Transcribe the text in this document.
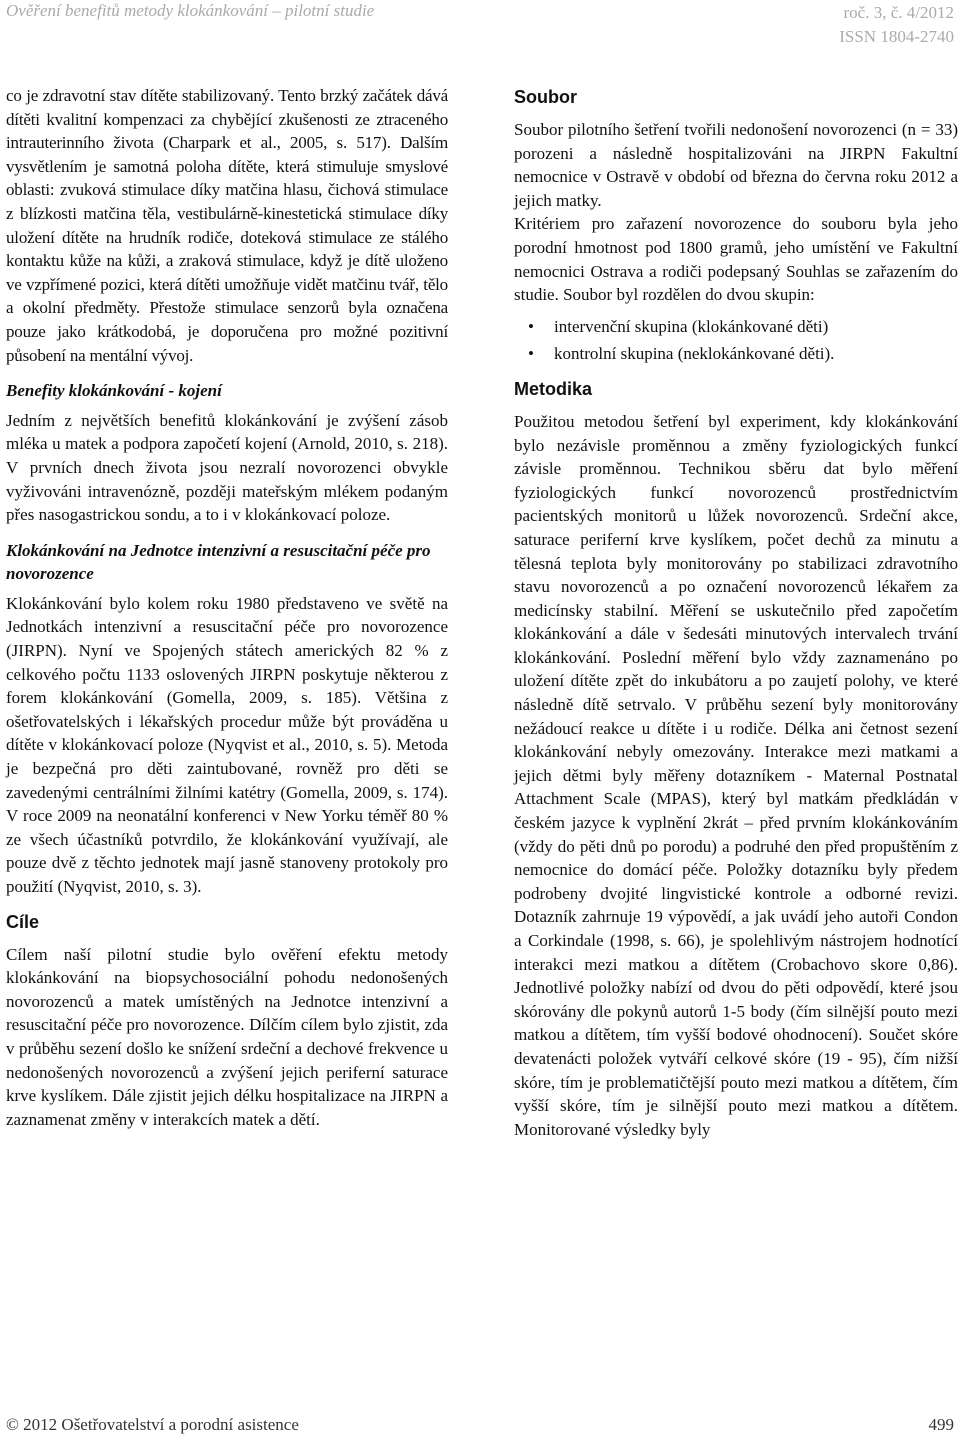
Ověření benefitů metody klokánkování – pilotní studie	roč. 3, č. 4/2012
ISSN 1804-2740

co je zdravotní stav dítěte stabilizovaný. Tento brzký začátek dává dítěti kvalitní kompenzaci za chybějící zkušenosti ze ztraceného intrauterinního života (Charpark et al., 2005, s. 517). Dalším vysvětlením je samotná poloha dítěte, která stimuluje smyslové oblasti: zvuková stimulace díky matčina hlasu, čichová stimulace z blízkosti matčina těla, vestibulárně-kinestetická stimulace díky uložení dítěte na hrudník rodiče, doteková stimulace ze stálého kontaktu kůže na kůži, a zraková stimulace, když je dítě uloženo ve vzpřímené pozici, která dítěti umožňuje vidět matčinu tvář, tělo a okolní předměty. Přestože stimulace senzorů byla označena pouze jako krátkodobá, je doporučena pro možné pozitivní působení na mentální vývoj.

Benefity klokánkování - kojení

Jedním z největších benefitů klokánkování je zvýšení zásob mléka u matek a podpora započetí kojení (Arnold, 2010, s. 218). V prvních dnech života jsou nezralí novorozenci obvykle vyživováni intravenózně, později mateřským mlékem podaným přes nasogastrickou sondu, a to i v klokánkovací poloze.

Klokánkování na Jednotce intenzivní a resuscitační péče pro novorozence

Klokánkování bylo kolem roku 1980 představeno ve světě na Jednotkách intenzivní a resuscitační péče pro novorozence (JIRPN). Nyní ve Spojených státech amerických 82 % z celkového počtu 1133 oslovených JIRPN poskytuje některou z forem klokánkování (Gomella, 2009, s. 185). Většina z ošetřovatelských i lékařských procedur může být prováděna u dítěte v klokánkovací poloze (Nyqvist et al., 2010, s. 5). Metoda je bezpečná pro děti zaintubované, rovněž pro děti se zavedenými centrálními žilními katétry (Gomella, 2009, s. 174). V roce 2009 na neonatální konferenci v New Yorku téměř 80 % ze všech účastníků potvrdilo, že klokánkování využívají, ale pouze dvě z těchto jednotek mají jasně stanoveny protokoly pro použití (Nyqvist, 2010, s. 3).

Cíle

Cílem naší pilotní studie bylo ověření efektu metody klokánkování na biopsychosociální pohodu nedonošených novorozenců a matek umístěných na Jednotce intenzivní a resuscitační péče pro novorozence. Dílčím cílem bylo zjistit, zda v průběhu sezení došlo ke snížení srdeční a dechové frekvence u nedonošených novorozenců a zvýšení jejich periferní saturace krve kyslíkem. Dále zjistit jejich délku hospitalizace na JIRPN a zaznamenat změny v interakcích matek a dětí.

Soubor

Soubor pilotního šetření tvořili nedonošení novorozenci (n = 33) porozeni a následně hospitalizováni na JIRPN Fakultní nemocnice v Ostravě v období od března do června roku 2012 a jejich matky.

Kritériem pro zařazení novorozence do souboru byla jeho porodní hmotnost pod 1800 gramů, jeho umístění ve Fakultní nemocnici Ostrava a rodiči podepsaný Souhlas se zařazením do studie. Soubor byl rozdělen do dvou skupin:

• intervenční skupina (klokánkované děti)
• kontrolní skupina (neklokánkované děti).
Metodika

Použitou metodou šetření byl experiment, kdy klokánkování bylo nezávisle proměnnou a změny fyziologických funkcí závisle proměnnou. Technikou sběru dat bylo měření fyziologických funkcí novorozenců prostřednictvím pacientských monitorů u lůžek novorozenců. Srdeční akce, saturace periferní krve kyslíkem, počet dechů za minutu a tělesná teplota byly monitorovány po stabilizaci zdravotního stavu novorozenců a po označení novorozenců lékařem za medicínsky stabilní. Měření se uskutečnilo před započetím klokánkování a dále v šedesáti minutových intervalech trvání klokánkování. Poslední měření bylo vždy zaznamenáno po uložení dítěte zpět do inkubátoru a po zaujetí polohy, ve které následně dítě setrvalo. V průběhu sezení byly monitorovány nežádoucí reakce u dítěte i u rodiče. Délka ani četnost sezení klokánkování nebyly omezovány. Interakce mezi matkami a jejich dětmi byly měřeny dotazníkem - Maternal Postnatal Attachment Scale (MPAS), který byl matkám předkládán v českém jazyce k vyplnění 2krát – před prvním klokánkováním (vždy do pěti dnů po porodu) a podruhé den před propuštěním z nemocnice do domácí péče. Položky dotazníku byly předem podrobeny dvojité lingvistické kontrole a odborné revizi. Dotazník zahrnuje 19 výpovědí, a jak uvádí jeho autoři Condon a Corkindale (1998, s. 66), je spolehlivým nástrojem hodnotící interakci mezi matkou a dítětem (Crobachovo skore 0,86). Jednotlivé položky nabízí od dvou do pěti odpovědí, které jsou skórovány dle pokynů autorů 1-5 body (čím silnější pouto mezi matkou a dítětem, tím vyšší bodové ohodnocení). Součet skóre devatenácti položek vytváří celkové skóre (19 - 95), čím nižší skóre, tím je problematičtější pouto mezi matkou a dítětem, čím vyšší skóre, tím je silnější pouto mezi matkou a dítětem. Monitorované výsledky byly

© 2012 Ošetřovatelství a porodní asistence	499
